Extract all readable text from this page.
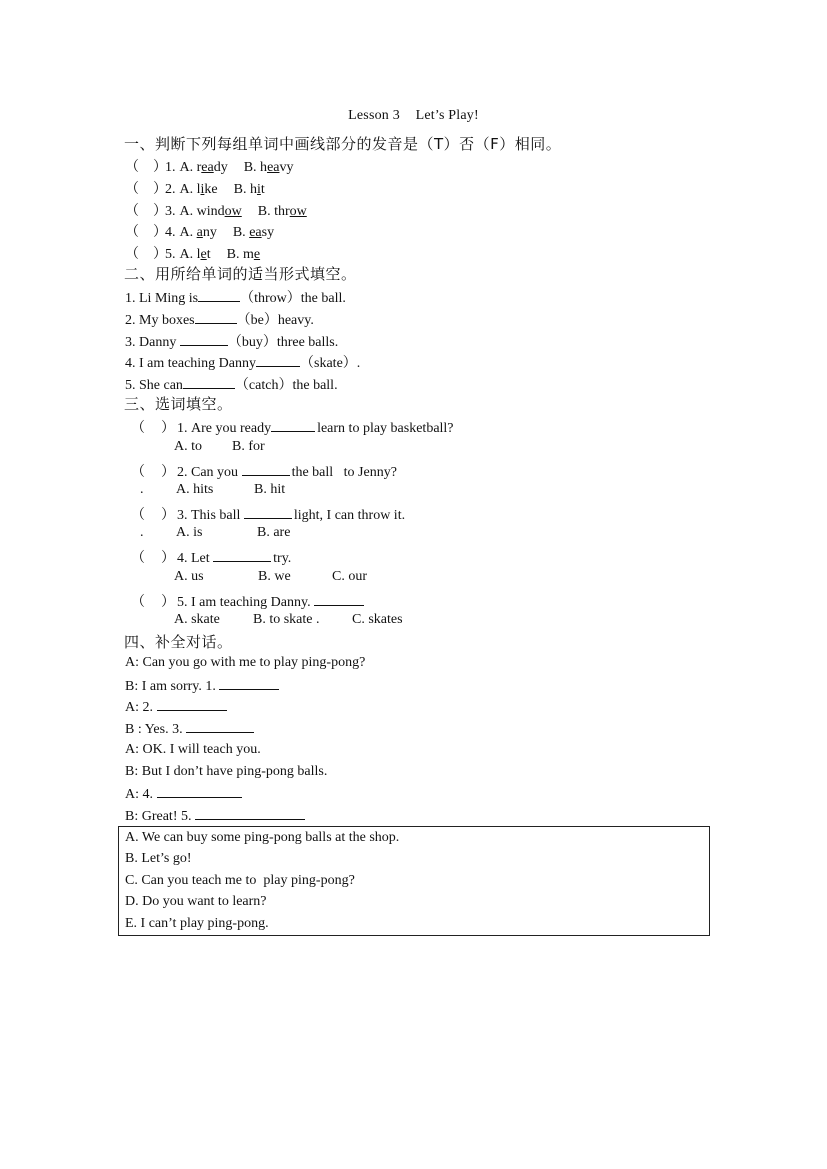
Lesson 3 Let’s Play!
一、判断下列每组单词中画线部分的发音是（T）否（F）相同。
（ ）1. A. ready B. heavy
（ ）2. A. like B. hit
（ ）3. A. window B. throw
（ ）4. A. any B. easy
（ ）5. A. let B. me
二、用所给单词的适当形式填空。
1. Li Ming is	（throw）the ball.
2. My boxes	（be）heavy.
3. Danny	（buy）three balls.
4. I am teaching Danny	（skate）.
5. She can	（catch）the ball.
三、选词填空。
（ ） 1. Are you ready	learn to play basketball?
A. to B. for
（ ） 2. Can you	the ball   to Jenny?
. A. hits	B. hit
（ ） 3. This ball	light, I can throw it.
. A. is	B. are
（ ） 4. Let	try.
A. us	B. we	C. our
（ ） 5. I am teaching Danny.
A. skate B. to skate . C. skates
四、补全对话。
A: Can you go with me to play ping-pong?
B: I am sorry. 1.
A: 2.
B : Yes. 3.
A: OK. I will teach you.
B: But I don’t have ping-pong balls.
A: 4.
B: Great! 5.
A. We can buy some ping-pong balls at the shop.
B. Let’s go!
C. Can you teach me to  play ping-pong?
D. Do you want to learn?
E. I can’t play ping-pong.
